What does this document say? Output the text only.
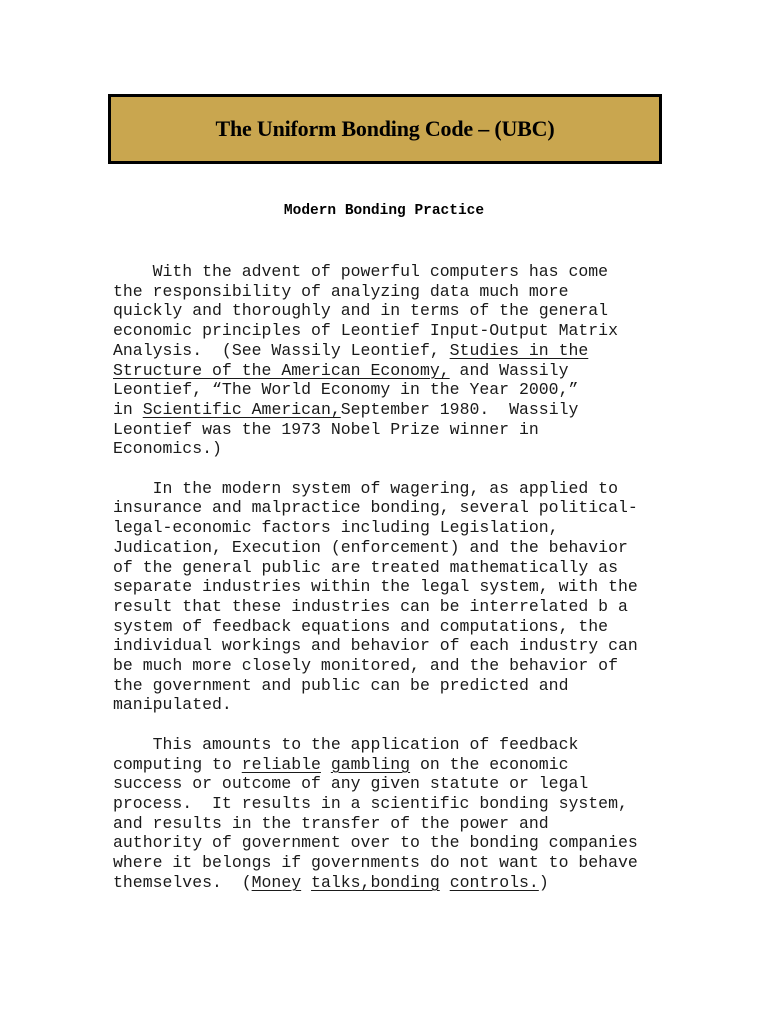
The Uniform Bonding Code – (UBC)
Modern Bonding Practice
With the advent of powerful computers has come
the responsibility of analyzing data much more
quickly and thoroughly and in terms of the general
economic principles of Leontief Input-Output Matrix
Analysis.  (See Wassily Leontief, Studies in the
Structure of the American Economy, and Wassily
Leontief, “The World Economy in the Year 2000,”
in Scientific American,September 1980.  Wassily
Leontief was the 1973 Nobel Prize winner in
Economics.)
In the modern system of wagering, as applied to
insurance and malpractice bonding, several political-
legal-economic factors including Legislation,
Judication, Execution (enforcement) and the behavior
of the general public are treated mathematically as
separate industries within the legal system, with the
result that these industries can be interrelated b a
system of feedback equations and computations, the
individual workings and behavior of each industry can
be much more closely monitored, and the behavior of
the government and public can be predicted and
manipulated.
This amounts to the application of feedback
computing to reliable gambling on the economic
success or outcome of any given statute or legal
process.  It results in a scientific bonding system,
and results in the transfer of the power and
authority of government over to the bonding companies
where it belongs if governments do not want to behave
themselves.  (Money talks,bonding controls.)
